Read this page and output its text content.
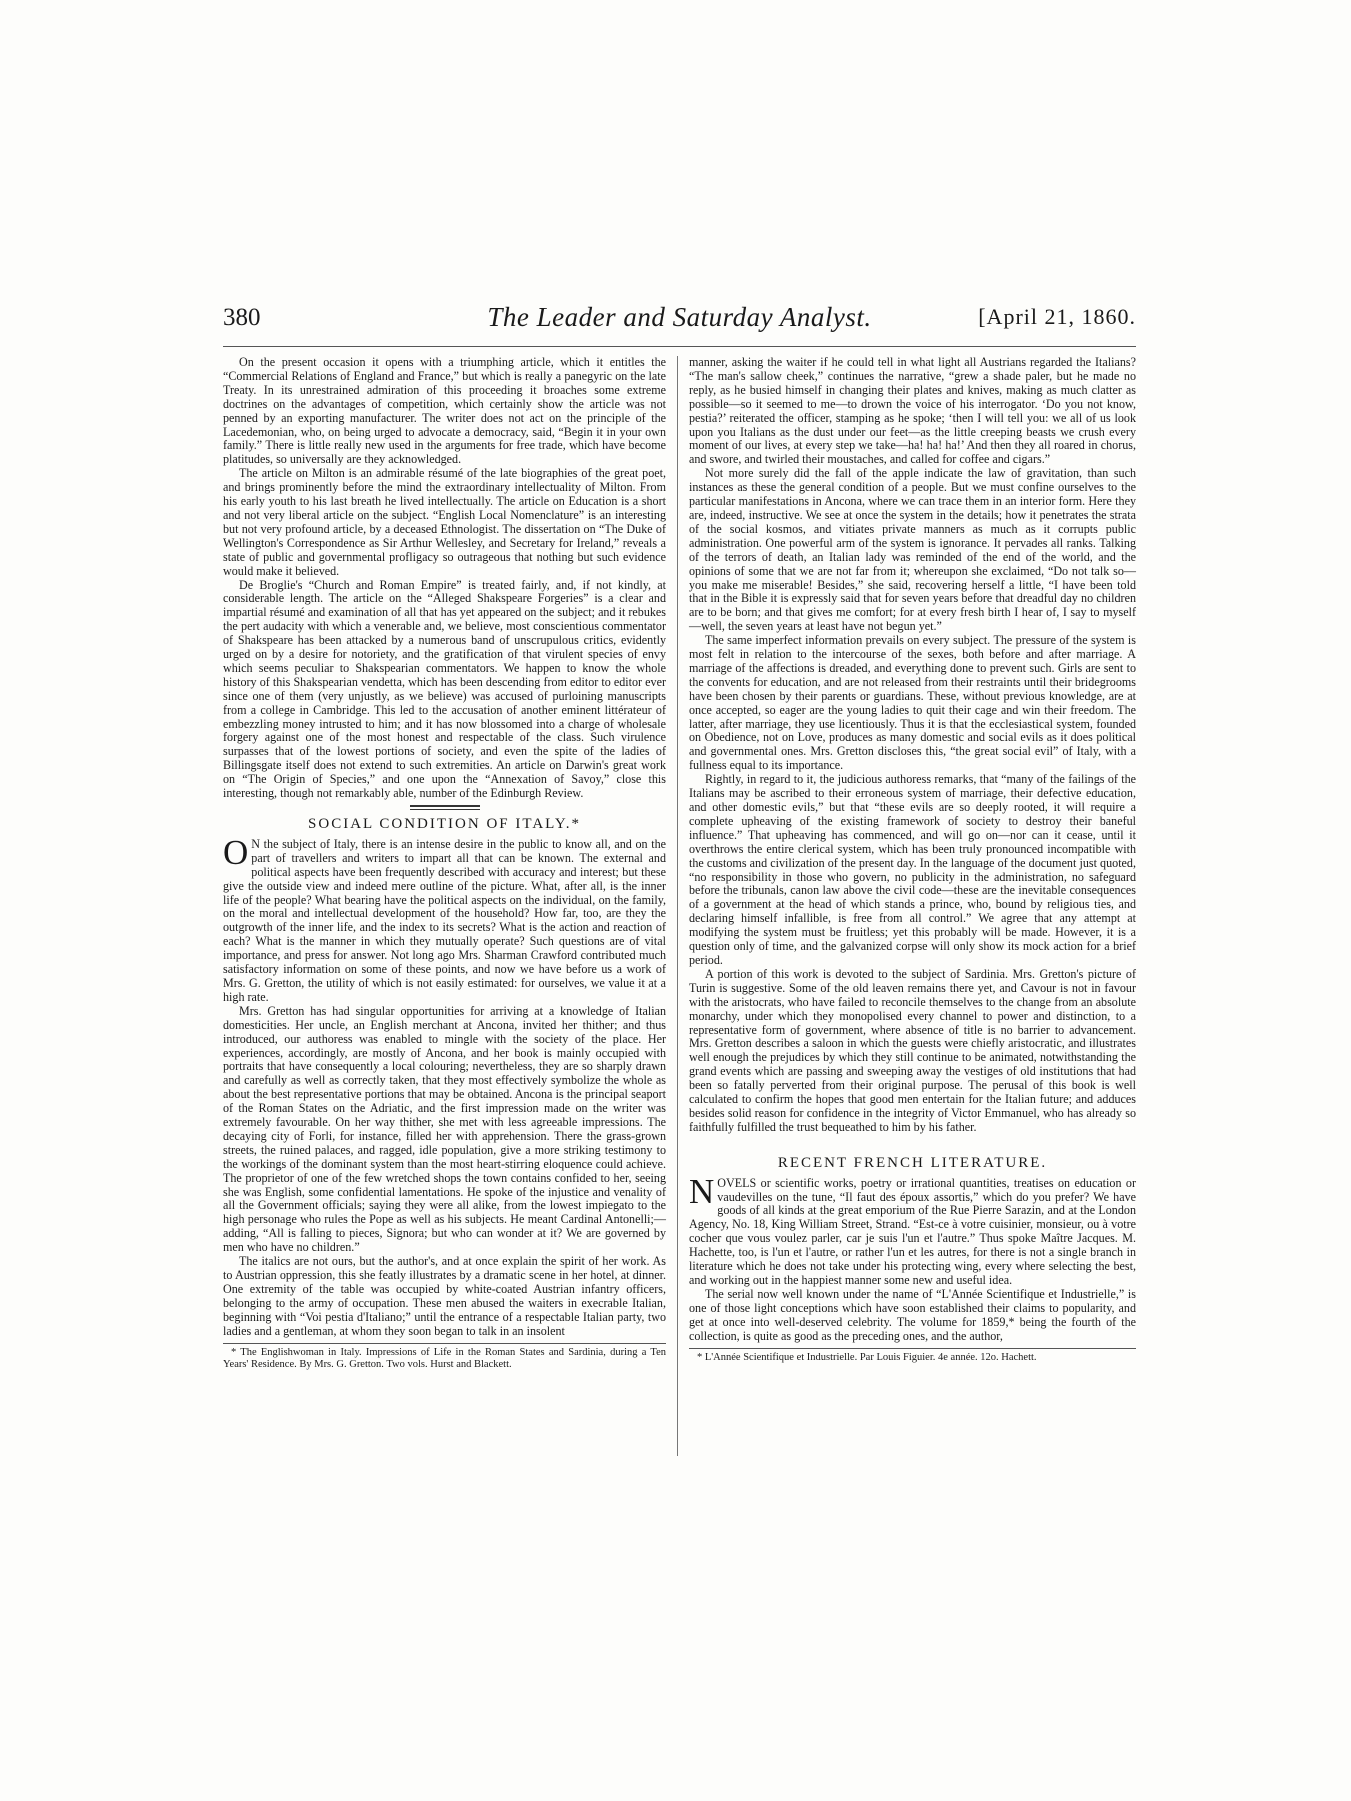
380	The Leader and Saturday Analyst.	[April 21, 1860.

On the present occasion it opens with a triumphing article, which it entitles the “Commercial Relations of England and France,” but which is really a panegyric on the late Treaty. In its unrestrained admiration of this proceeding it broaches some extreme doctrines on the advantages of competition, which certainly show the article was not penned by an exporting manufacturer. The writer does not act on the principle of the Lacedemonian, who, on being urged to advocate a democracy, said, “Begin it in your own family.” There is little really new used in the arguments for free trade, which have become platitudes, so universally are they acknowledged.

The article on Milton is an admirable résumé of the late biographies of the great poet, and brings prominently before the mind the extraordinary intellectuality of Milton. From his early youth to his last breath he lived intellectually. The article on Education is a short and not very liberal article on the subject. “English Local Nomenclature” is an interesting but not very profound article, by a deceased Ethnologist. The dissertation on “The Duke of Wellington's Correspondence as Sir Arthur Wellesley, and Secretary for Ireland,” reveals a state of public and governmental profligacy so outrageous that nothing but such evidence would make it believed.

De Broglie's “Church and Roman Empire” is treated fairly, and, if not kindly, at considerable length. The article on the “Alleged Shakspeare Forgeries” is a clear and impartial résumé and examination of all that has yet appeared on the subject; and it rebukes the pert audacity with which a venerable and, we believe, most conscientious commentator of Shakspeare has been attacked by a numerous band of unscrupulous critics, evidently urged on by a desire for notoriety, and the gratification of that virulent species of envy which seems peculiar to Shakspearian commentators. We happen to know the whole history of this Shakspearian vendetta, which has been descending from editor to editor ever since one of them (very unjustly, as we believe) was accused of purloining manuscripts from a college in Cambridge. This led to the accusation of another eminent littérateur of embezzling money intrusted to him; and it has now blossomed into a charge of wholesale forgery against one of the most honest and respectable of the class. Such virulence surpasses that of the lowest portions of society, and even the spite of the ladies of Billingsgate itself does not extend to such extremities. An article on Darwin's great work on “The Origin of Species,” and one upon the “Annexation of Savoy,” close this interesting, though not remarkably able, number of the Edinburgh Review.

SOCIAL CONDITION OF ITALY.*

O N the subject of Italy, there is an intense desire in the public to know all, and on the part of travellers and writers to impart all that can be known. The external and political aspects have been frequently described with accuracy and interest; but these give the outside view and indeed mere outline of the picture. What, after all, is the inner life of the people? What bearing have the political aspects on the individual, on the family, on the moral and intellectual development of the household? How far, too, are they the outgrowth of the inner life, and the index to its secrets? What is the action and reaction of each? What is the manner in which they mutually operate? Such questions are of vital importance, and press for answer. Not long ago Mrs. Sharman Crawford contributed much satisfactory information on some of these points, and now we have before us a work of Mrs. G. Gretton, the utility of which is not easily estimated: for ourselves, we value it at a high rate.

Mrs. Gretton has had singular opportunities for arriving at a knowledge of Italian domesticities. Her uncle, an English merchant at Ancona, invited her thither; and thus introduced, our authoress was enabled to mingle with the society of the place. Her experiences, accordingly, are mostly of Ancona, and her book is mainly occupied with portraits that have consequently a local colouring; nevertheless, they are so sharply drawn and carefully as well as correctly taken, that they most effectively symbolize the whole as about the best representative portions that may be obtained. Ancona is the principal seaport of the Roman States on the Adriatic, and the first impression made on the writer was extremely favourable. On her way thither, she met with less agreeable impressions. The decaying city of Forli, for instance, filled her with apprehension. There the grass-grown streets, the ruined palaces, and ragged, idle population, give a more striking testimony to the workings of the dominant system than the most heart-stirring eloquence could achieve. The proprietor of one of the few wretched shops the town contains confided to her, seeing she was English, some confidential lamentations. He spoke of the injustice and venality of all the Government officials; saying they were all alike, from the lowest impiegato to the high personage who rules the Pope as well as his subjects. He meant Cardinal Antonelli;—adding, “All is falling to pieces, Signora; but who can wonder at it? We are governed by men who have no children.”

The italics are not ours, but the author's, and at once explain the spirit of her work. As to Austrian oppression, this she featly illustrates by a dramatic scene in her hotel, at dinner. One extremity of the table was occupied by white-coated Austrian infantry officers, belonging to the army of occupation. These men abused the waiters in execrable Italian, beginning with “Voi pestia d'Italiano;” until the entrance of a respectable Italian party, two ladies and a gentleman, at whom they soon began to talk in an insolent

* The Englishwoman in Italy. Impressions of Life in the Roman States and Sardinia, during a Ten Years' Residence. By Mrs. G. Gretton. Two vols. Hurst and Blackett.

manner, asking the waiter if he could tell in what light all Austrians regarded the Italians? “The man's sallow cheek,” continues the narrative, “grew a shade paler, but he made no reply, as he busied himself in changing their plates and knives, making as much clatter as possible—so it seemed to me—to drown the voice of his interrogator. ‘Do you not know, pestia?’ reiterated the officer, stamping as he spoke; ‘then I will tell you: we all of us look upon you Italians as the dust under our feet—as the little creeping beasts we crush every moment of our lives, at every step we take—ha! ha! ha!’ And then they all roared in chorus, and swore, and twirled their moustaches, and called for coffee and cigars.”

Not more surely did the fall of the apple indicate the law of gravitation, than such instances as these the general condition of a people. But we must confine ourselves to the particular manifestations in Ancona, where we can trace them in an interior form. Here they are, indeed, instructive. We see at once the system in the details; how it penetrates the strata of the social kosmos, and vitiates private manners as much as it corrupts public administration. One powerful arm of the system is ignorance. It pervades all ranks. Talking of the terrors of death, an Italian lady was reminded of the end of the world, and the opinions of some that we are not far from it; whereupon she exclaimed, “Do not talk so—you make me miserable! Besides,” she said, recovering herself a little, “I have been told that in the Bible it is expressly said that for seven years before that dreadful day no children are to be born; and that gives me comfort; for at every fresh birth I hear of, I say to myself—well, the seven years at least have not begun yet.”

The same imperfect information prevails on every subject. The pressure of the system is most felt in relation to the intercourse of the sexes, both before and after marriage. A marriage of the affections is dreaded, and everything done to prevent such. Girls are sent to the convents for education, and are not released from their restraints until their bridegrooms have been chosen by their parents or guardians. These, without previous knowledge, are at once accepted, so eager are the young ladies to quit their cage and win their freedom. The latter, after marriage, they use licentiously. Thus it is that the ecclesiastical system, founded on Obedience, not on Love, produces as many domestic and social evils as it does political and governmental ones. Mrs. Gretton discloses this, “the great social evil” of Italy, with a fullness equal to its importance.

Rightly, in regard to it, the judicious authoress remarks, that “many of the failings of the Italians may be ascribed to their erroneous system of marriage, their defective education, and other domestic evils,” but that “these evils are so deeply rooted, it will require a complete upheaving of the existing framework of society to destroy their baneful influence.” That upheaving has commenced, and will go on—nor can it cease, until it overthrows the entire clerical system, which has been truly pronounced incompatible with the customs and civilization of the present day. In the language of the document just quoted, “no responsibility in those who govern, no publicity in the administration, no safeguard before the tribunals, canon law above the civil code—these are the inevitable consequences of a government at the head of which stands a prince, who, bound by religious ties, and declaring himself infallible, is free from all control.” We agree that any attempt at modifying the system must be fruitless; yet this probably will be made. However, it is a question only of time, and the galvanized corpse will only show its mock action for a brief period.

A portion of this work is devoted to the subject of Sardinia. Mrs. Gretton's picture of Turin is suggestive. Some of the old leaven remains there yet, and Cavour is not in favour with the aristocrats, who have failed to reconcile themselves to the change from an absolute monarchy, under which they monopolised every channel to power and distinction, to a representative form of government, where absence of title is no barrier to advancement. Mrs. Gretton describes a saloon in which the guests were chiefly aristocratic, and illustrates well enough the prejudices by which they still continue to be animated, notwithstanding the grand events which are passing and sweeping away the vestiges of old institutions that had been so fatally perverted from their original purpose. The perusal of this book is well calculated to confirm the hopes that good men entertain for the Italian future; and adduces besides solid reason for confidence in the integrity of Victor Emmanuel, who has already so faithfully fulfilled the trust bequeathed to him by his father.

RECENT FRENCH LITERATURE.

NOVELS or scientific works, poetry or irrational quantities, treatises on education or vaudevilles on the tune, “Il faut des époux assortis,” which do you prefer? We have goods of all kinds at the great emporium of the Rue Pierre Sarazin, and at the London Agency, No. 18, King William Street, Strand. “Est-ce à votre cuisinier, monsieur, ou à votre cocher que vous voulez parler, car je suis l'un et l'autre.” Thus spoke Maître Jacques. M. Hachette, too, is l'un et l'autre, or rather l'un et les autres, for there is not a single branch in literature which he does not take under his protecting wing, every where selecting the best, and working out in the happiest manner some new and useful idea.

The serial now well known under the name of “L'Année Scientifique et Industrielle,” is one of those light conceptions which have soon established their claims to popularity, and get at once into well-deserved celebrity. The volume for 1859,* being the fourth of the collection, is quite as good as the preceding ones, and the author,

* L'Année Scientifique et Industrielle. Par Louis Figuier. 4e année. 12o. Hachett.
